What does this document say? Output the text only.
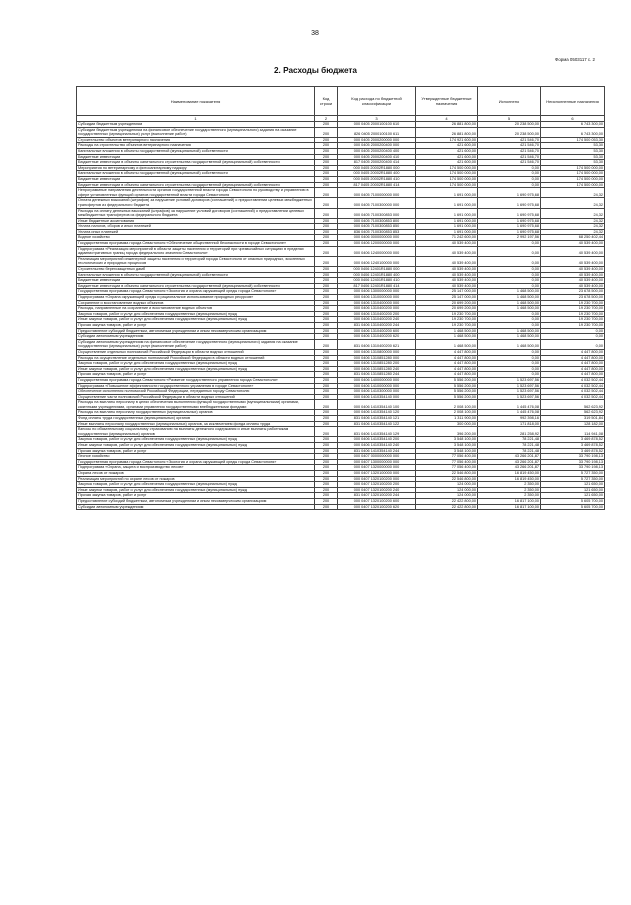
38
Форма 0503117 с. 2
2. Расходы бюджета
Наименование показателя	Код строки	Код расхода по бюджетной классификации	Утвержденные бюджетные назначения	Исполнено	Неисполненные назначения
1	2	3	4	5	6
Субсидии бюджетным учреждениям	200	000 0405 2000100100 610	26 881 800,00	20 238 500,00	6 743 300,00
Субсидии бюджетным учреждениям на финансовое обеспечение государственного (муниципального) задания на оказание государственных (муниципальных) услуг (выполнение работ)	200	826 0405 2000100100 611	26 881 800,00	20 238 500,00	6 743 300,00
Строительство объектов ветеринарного назначения	200	000 0405 2000200000 000	174 921 600,00	421 546,70	174 500 053,30
Расходы на строительство объектов ветеринарного назначения	200	000 0405 2000200400 000	421 600,00	421 546,70	53,30
Капитальные вложения в объекты государственной (муниципальной) собственности	200	000 0405 2000200400 400	421 600,00	421 546,70	53,30
Бюджетные инвестиции	200	000 0405 2000200400 410	421 600,00	421 546,70	53,30
Бюджетные инвестиции в объекты капитального строительства государственной (муниципальной) собственности	200	817 0405 2000200400 414	421 600,00	421 546,70	53,30
Мероприятия по ветеринарному и фитосанитарному надзору	200	000 0405 20002R1880 000	174 500 000,00	0,00	174 500 000,00
Капитальные вложения в объекты государственной (муниципальной) собственности	200	000 0405 20002R1880 400	174 500 000,00	0,00	174 500 000,00
Бюджетные инвестиции	200	000 0405 20002R1880 410	174 500 000,00	0,00	174 500 000,00
Бюджетные инвестиции в объекты капитального строительства государственной (муниципальной) собственности	200	817 0405 20002R1880 414	174 500 000,00	0,00	174 500 000,00
Непрограммные направления деятельности органов государственной власти города Севастополя по руководству и управлению в сфере установленных функций органов государственной власти города Севастополя	200	000 0405 7100000000 000	1 691 000,00	1 690 975,68	24,32
Оплата денежных взысканий (штрафов) за нарушение условий договоров (соглашений) о предоставлении целевых межбюджетных трансфертов из федерального бюджета	200	000 0405 7100300000 000	1 691 000,00	1 690 975,68	24,32
Расходы на оплату денежных взысканий (штрафов) за нарушение условий договоров (соглашений) о предоставлении целевых межбюджетных трансфертов из федерального бюджета	200	000 0405 7100300853 000	1 691 000,00	1 690 975,68	24,32
Иные бюджетные ассигнования	200	000 0405 7100300853 800	1 691 000,00	1 690 975,68	24,32
Уплата налогов, сборов и иных платежей	200	000 0405 7100300853 850	1 691 000,00	1 690 975,68	24,32
Уплата иных платежей	200	836 0405 7100300853 853	1 691 000,00	1 690 975,68	24,32
Водное хозяйство	200	000 0406 0000000000 000	71 242 600,00	2 992 197,56	68 250 402,44
Государственная программа города Севастополя «Обеспечение общественной безопасности в городе Севастополе»	200	000 0406 1200000000 000	40 539 400,00	0,00	40 539 400,00
Подпрограмма «Реализация мероприятий в области защиты населения и территорий при чрезвычайных ситуациях в пределах административных границ города федерального значения Севастополя»	200	000 0406 1240000000 000	40 539 400,00	0,00	40 539 400,00
Реализация мероприятий инженерной защиты населения и территорий города Севастополя от опасных природных, экзогенных геологических и природных процессов	200	000 0406 1240100000 000	40 539 400,00	0,00	40 539 400,00
Строительство берегозащитных дамб	200	000 0406 12401R1880 000	40 539 400,00	0,00	40 539 400,00
Капитальные вложения в объекты государственной (муниципальной) собственности	200	000 0406 12401R1880 400	40 539 400,00	0,00	40 539 400,00
Бюджетные инвестиции	200	000 0406 12401R1880 410	40 539 400,00	0,00	40 539 400,00
Бюджетные инвестиции в объекты капитального строительства государственной (муниципальной) собственности	200	817 0406 12401R1880 414	40 539 400,00	0,00	40 539 400,00
Государственная программа города Севастополя «Экология и охрана окружающей среды города Севастополя»	200	000 0406 1300000000 000	25 147 000,00	1 468 500,00	23 678 500,00
Подпрограмма «Охрана окружающей среды и рациональное использование природных ресурсов»	200	000 0406 1310000000 000	25 147 000,00	1 468 500,00	23 678 500,00
Сохранение и восстановление водных объектов	200	000 0406 1310400000 000	20 699 200,00	1 468 500,00	19 230 700,00
Расходы, направленные на сохранение и восстановление водных объектов	200	000 0406 1310400200 000	20 699 200,00	1 468 500,00	19 230 700,00
Закупка товаров, работ и услуг для обеспечения государственных (муниципальных) нужд	200	000 0406 1310400200 200	19 230 700,00	0,00	19 230 700,00
Иные закупки товаров, работ и услуг для обеспечения государственных (муниципальных) нужд	200	000 0406 1310400200 240	19 230 700,00	0,00	19 230 700,00
Прочая закупка товаров, работ и услуг	200	831 0406 1310400200 244	19 230 700,00	0,00	19 230 700,00
Предоставление субсидий бюджетным, автономным учреждениям и иным некоммерческим организациям	200	000 0406 1310400200 600	1 468 500,00	1 468 500,00	0,00
Субсидии автономным учреждениям	200	000 0406 1310400200 620	1 468 500,00	1 468 500,00	0,00
Субсидии автономным учреждениям на финансовое обеспечение государственного (муниципального) задания на оказание государственных (муниципальных) услуг (выполнение работ)	200	831 0406 1310400200 621	1 468 500,00	1 468 500,00	0,00
Осуществление отдельных полномочий Российской Федерации в области водных отношений	200	000 0406 1310800000 000	4 447 800,00	0,00	4 447 800,00
Расходы на осуществление отдельных полномочий Российской Федерации в области водных отношений	200	000 0406 1310851280 000	4 447 800,00	0,00	4 447 800,00
Закупка товаров, работ и услуг для обеспечения государственных (муниципальных) нужд	200	000 0406 1310851280 200	4 447 800,00	0,00	4 447 800,00
Иные закупки товаров, работ и услуг для обеспечения государственных (муниципальных) нужд	200	000 0406 1310851280 240	4 447 800,00	0,00	4 447 800,00
Прочая закупка товаров, работ и услуг	200	831 0406 1310851280 244	4 447 800,00	0,00	4 447 800,00
Государственная программа города Севастополя «Развитие государственного управления города Севастополя»	200	000 0406 1400000000 000	5 556 200,00	1 523 697,56	4 032 502,44
Подпрограмма «Повышение эффективности государственного управления в городе Севастополе»	200	000 0406 1410000000 000	5 556 200,00	1 523 697,56	4 032 502,44
Обеспечение исполнения полномочий Российской Федерации, переданных городу Севастополю	200	000 0406 1410300000 000	5 556 200,00	1 523 697,56	4 032 502,44
Осуществление части полномочий Российской Федерации в области водных отношений	200	000 0406 1410354140 000	5 556 200,00	1 523 697,56	4 032 502,44
Расходы на выплаты персоналу в целях обеспечения выполнения функций государственными (муниципальными) органами, казенными учреждениями, органами управления государственными внебюджетными фондами	200	000 0406 1410354140 100	2 008 100,00	1 445 476,08	562 623,92
Расходы на выплаты персоналу государственных (муниципальных) органов	200	000 0406 1410354140 120	2 008 100,00	1 445 476,08	562 623,92
Фонд оплаты труда государственных (муниципальных) органов	200	831 0406 1410354140 121	1 311 900,00	992 398,16	319 501,84
Иные выплаты персоналу государственных (муниципальных) органов, за исключением фонда оплаты труда	200	831 0406 1410354140 122	300 000,00	171 818,00	128 182,00
Взносы по обязательному социальному страхованию на выплаты денежного содержания и иные выплаты работникам государственных (муниципальных) органов	200	831 0406 1410354140 129	396 200,00	281 258,92	114 941,08
Закупка товаров, работ и услуг для обеспечения государственных (муниципальных) нужд	200	000 0406 1410354140 200	3 548 100,00	78 221,48	3 469 878,52
Иные закупки товаров, работ и услуг для обеспечения государственных (муниципальных) нужд	200	000 0406 1410354140 240	3 548 100,00	78 221,48	3 469 878,52
Прочая закупка товаров, работ и услуг	200	831 0406 1410354140 244	3 548 100,00	78 221,48	3 469 878,52
Лесное хозяйство	200	000 0407 0000000000 000	77 056 400,00	43 266 201,87	33 790 198,13
Государственная программа города Севастополя «Экология и охрана окружающей среды города Севастополя»	200	000 0407 1300000000 000	77 056 400,00	43 266 201,87	33 790 198,13
Подпрограмма «Охрана, защита и воспроизводство лесов»	200	000 0407 1320000000 000	77 056 400,00	43 266 201,87	33 790 198,13
Охрана лесов от пожаров	200	000 0407 1320100000 000	22 546 800,00	16 819 450,00	5 727 350,00
Реализация мероприятий по охране лесов от пожаров	200	000 0407 1320100200 000	22 546 800,00	16 819 450,00	5 727 350,00
Закупка товаров, работ и услуг для обеспечения государственных (муниципальных) нужд	200	000 0407 1320100200 200	124 000,00	2 350,00	121 650,00
Иные закупки товаров, работ и услуг для обеспечения государственных (муниципальных) нужд	200	000 0407 1320100200 240	124 000,00	2 350,00	121 650,00
Прочая закупка товаров, работ и услуг	200	831 0407 1320100200 244	124 000,00	2 350,00	121 650,00
Предоставление субсидий бюджетным, автономным учреждениям и иным некоммерческим организациям	200	000 0407 1320100200 600	22 422 800,00	16 817 100,00	5 605 700,00
Субсидии автономным учреждениям	200	000 0407 1320100200 620	22 422 800,00	16 817 100,00	5 605 700,00
